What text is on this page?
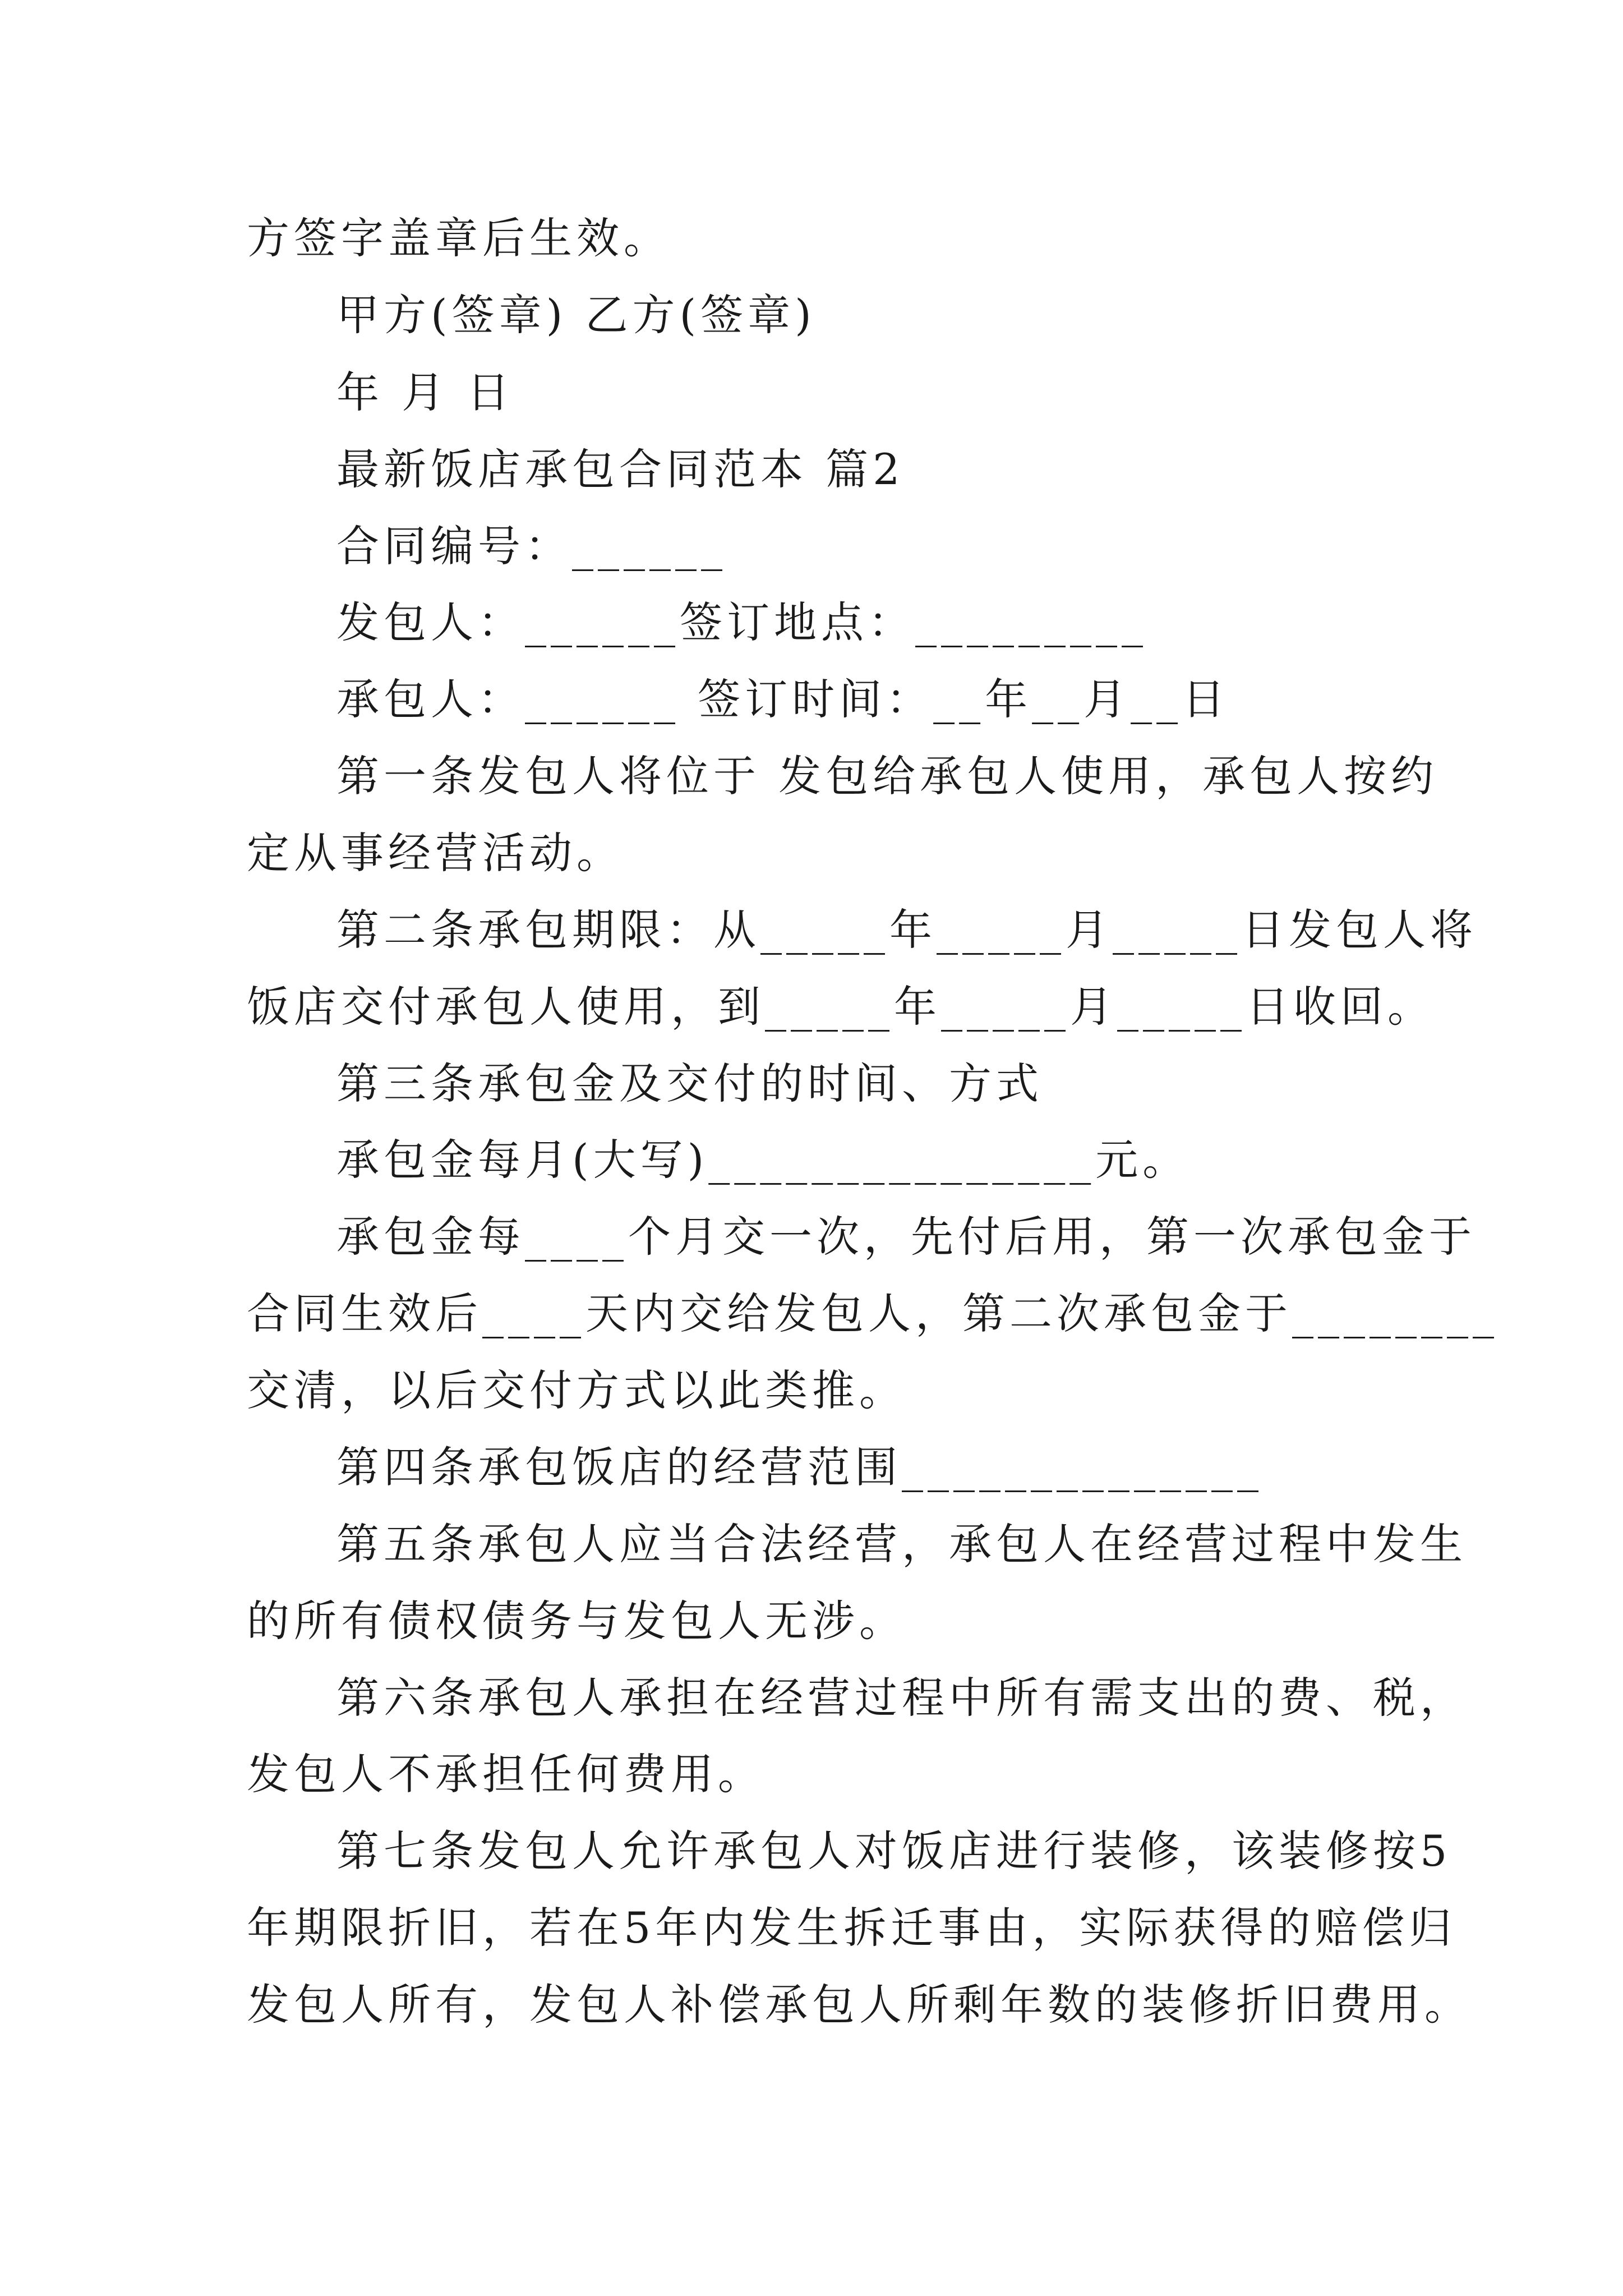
方签字盖章后生效。
甲方(签章) 乙方(签章)
年 月 日
最新饭店承包合同范本 篇2
合同编号：______
发包人：______签订地点：_________
承包人：______ 签订时间：__年__月__日
第一条发包人将位于 发包给承包人使用，承包人按约
定从事经营活动。
第二条承包期限：从_____年_____月_____日发包人将
饭店交付承包人使用，到_____年_____月_____日收回。
第三条承包金及交付的时间、方式
承包金每月(大写)_______________元。
承包金每____个月交一次，先付后用，第一次承包金于
合同生效后____天内交给发包人，第二次承包金于________
交清，以后交付方式以此类推。
第四条承包饭店的经营范围______________
第五条承包人应当合法经营，承包人在经营过程中发生
的所有债权债务与发包人无涉。
第六条承包人承担在经营过程中所有需支出的费、税，
发包人不承担任何费用。
第七条发包人允许承包人对饭店进行装修，该装修按5
年期限折旧，若在5年内发生拆迁事由，实际获得的赔偿归
发包人所有，发包人补偿承包人所剩年数的装修折旧费用。
